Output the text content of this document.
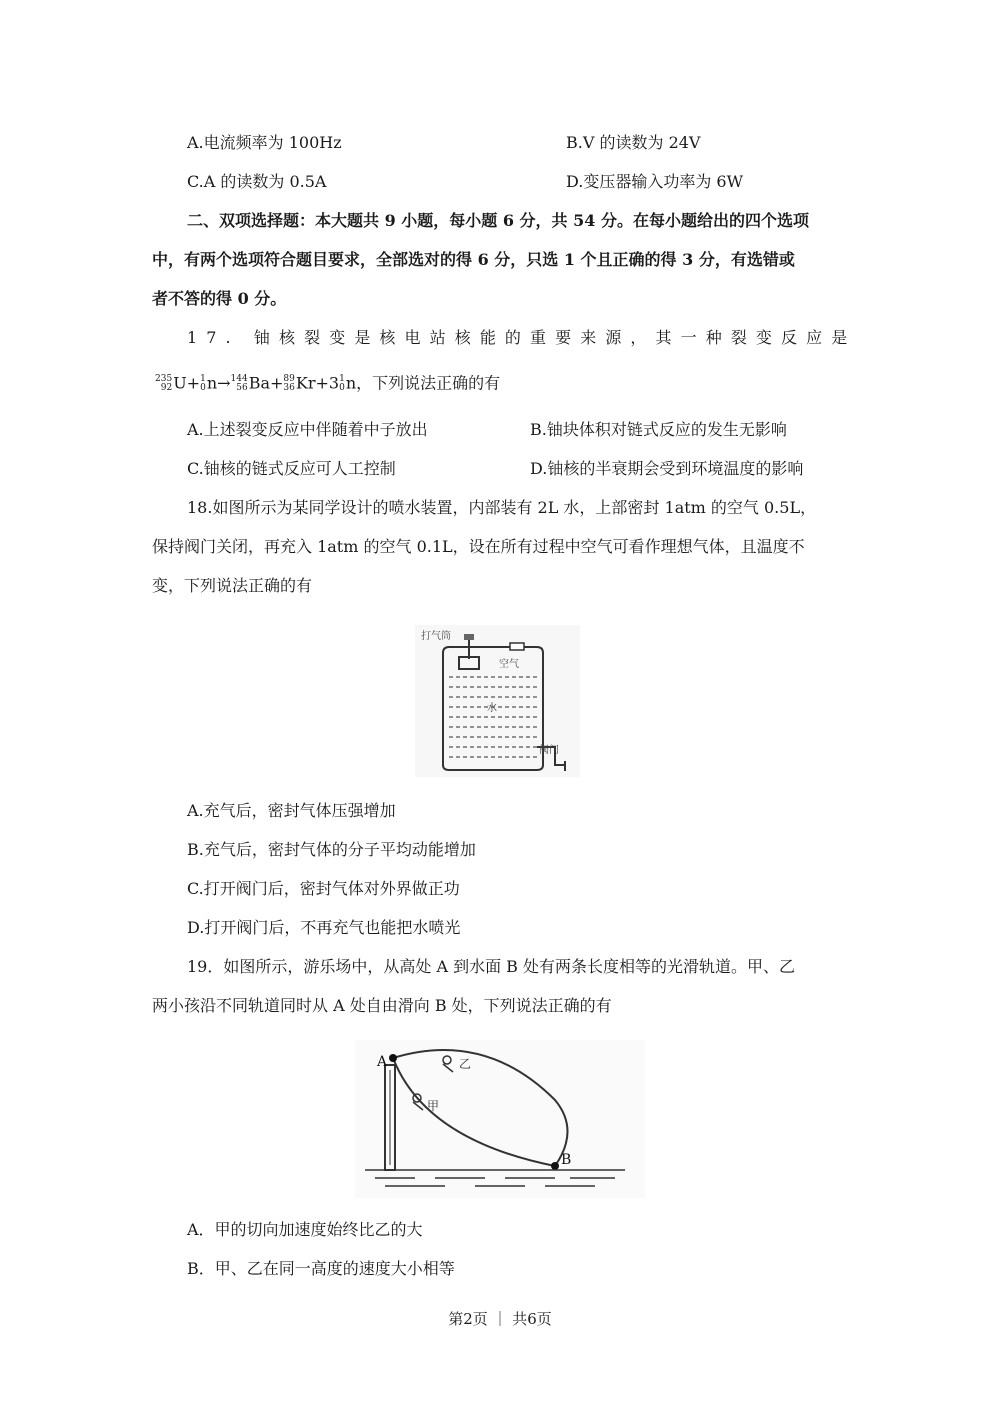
A.电流频率为 100Hz	B.V 的读数为 24V
C.A 的读数为 0.5A	D.变压器输入功率为 6W
二、双项选择题：本大题共 9 小题，每小题 6 分，共 54 分。在每小题给出的四个选项
中，有两个选项符合题目要求，全部选对的得 6 分，只选 1 个且正确的得 3 分，有选错或
者不答的得 0 分。
17. 铀核裂变是核电站核能的重要来源，其一种裂变反应是
235
92 U+ 1
0 n→ 144
56 Ba+ 89
36 Kr+3 1
0 n，下列说法正确的有
A.上述裂变反应中伴随着中子放出	B.铀块体积对链式反应的发生无影响
C.铀核的链式反应可人工控制	D.铀核的半衰期会受到环境温度的影响
18.如图所示为某同学设计的喷水装置，内部装有 2L 水，上部密封 1atm 的空气 0.5L，
保持阀门关闭，再充入 1atm 的空气 0.1L，设在所有过程中空气可看作理想气体，且温度不
变，下列说法正确的有
打气筒
空气
水
阀门
A.充气后，密封气体压强增加
B.充气后，密封气体的分子平均动能增加
C.打开阀门后，密封气体对外界做正功
D.打开阀门后，不再充气也能把水喷光
19．如图所示，游乐场中，从高处 A 到水面 B 处有两条长度相等的光滑轨道。甲、乙
两小孩沿不同轨道同时从 A 处自由滑向 B 处，下列说法正确的有
A
B
乙
甲
A．甲的切向加速度始终比乙的大
B．甲、乙在同一高度的速度大小相等
第2页 ｜ 共6页
